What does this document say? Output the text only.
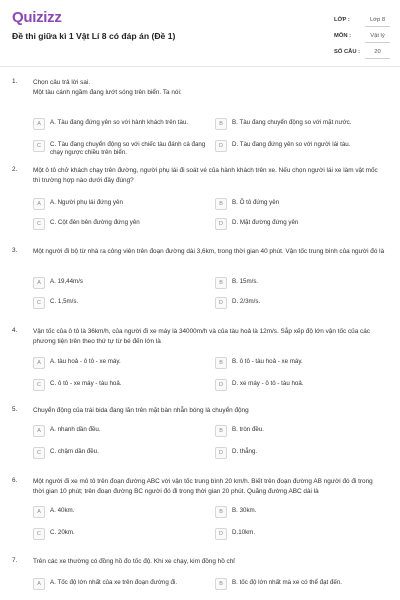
Quizizz
Đề thi giữa kì 1 Vật Lí 8 có đáp án (Đề 1)
LỚP :	Lớp 8
MÔN :	Vật lý
SỐ CÂU :	20
1. Chọn câu trả lời sai.
Một tàu cánh ngầm đang lướt sóng trên biển. Ta nói:
A	A. Tàu đang đứng yên so với hành khách trên tàu.	B	B. Tàu đang chuyển động so với mặt nước.
C	C. Tàu đang chuyển động so với chiếc tàu đánh cá đang chạy ngược chiều trên biển.
D	D. Tàu đang đứng yên so với người lái tàu.
2. Một ô tô chở khách chạy trên đường, người phụ lái đi soát vé của hành khách trên xe. Nếu chọn người lái xe làm vật mốc thì trường hợp nào dưới đây đúng?
A	A. Người phụ lái đứng yên	B	B. Ô tô đứng yên
C	C. Cột đèn bên đường đứng yên	D	D. Mặt đường đứng yên
3. Một người đi bộ từ nhà ra công viên trên đoạn đường dài 3,6km, trong thời gian 40 phút. Vận tốc trung bình của người đó là
A	A. 19,44m/s	B	B. 15m/s.
C	C. 1,5m/s.	D	D. 2/3m/s.
4. Vận tốc của ô tô là 36km/h, của người đi xe máy là 34000m/h và của tàu hoả là 12m/s. Sắp xếp độ lớn vận tốc của các phương tiện trên theo thứ tự từ bé đến lớn là
A	A. tàu hoả - ô tô - xe máy.	B	B. ô tô - tàu hoả - xe máy.
C	C. ô tô - xe máy - tàu hoả.	D	D. xe máy - ô tô - tàu hoả.
5. Chuyển động của trái bida đang lăn trên mặt bàn nhẵn bóng là chuyển động
A	A. nhanh dần đều.	B	B. tròn đều.
C	C. chậm dần đều.	D	D. thẳng.
6. Một người đi xe mô tô trên đoạn đường ABC với vận tốc trung bình 20 km/h. Biết trên đoạn đường AB người đó đi trong thời gian 10 phút; trên đoạn đường BC người đó đi trong thời gian 20 phút. Quãng đường ABC dài là
A	A. 40km.	B	B. 30km.
C	C. 20km.	D	D.10km.
7. Trên các xe thường có đồng hồ đo tốc độ. Khi xe chạy, kim đồng hồ chỉ
A	A. Tốc độ lớn nhất của xe trên đoạn đường đi.	B	B. tốc độ lớn nhất mà xe có thể đạt đến.
